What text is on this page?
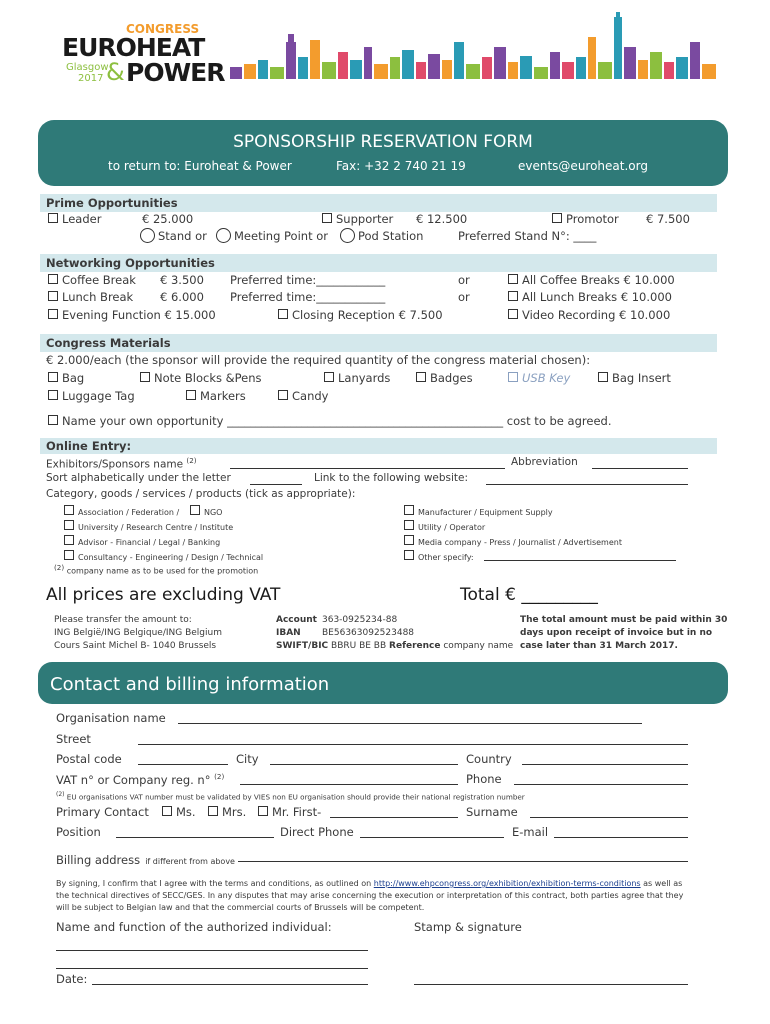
CONGRESS
EUROHEAT
Glasgow
2017 & POWER
SPONSORSHIP RESERVATION FORM
to return to: Euroheat & Power	Fax: +32 2 740 21 19	events@euroheat.org
Prime Opportunities
Leader	€ 25.000	Supporter € 12.500	Promotor € 7.500
Stand or	Meeting Point or	Pod Station	Preferred Stand N°: ____
Networking Opportunities
Coffee Break € 3.500 Preferred time:____________	or	All Coffee Breaks € 10.000
Lunch Break € 6.000 Preferred time:____________	or	All Lunch Breaks € 10.000
Evening Function € 15.000	Closing Reception € 7.500	Video Recording € 10.000
Congress Materials
€ 2.000/each (the sponsor will provide the required quantity of the congress material chosen):
Bag	Note Blocks &Pens	Lanyards	Badges	USB Key	Bag Insert
Luggage Tag	Markers	Candy
Name your own opportunity ________________________________________________ cost to be agreed.
Online Entry:
Exhibitors/Sponsors name $^{(2)}$	Abbreviation
Sort alphabetically under the letter	Link to the following website:
Category, goods / services / products (tick as appropriate):
Association / Federation /	NGO
University / Research Centre / Institute
Advisor - Financial / Legal / Banking
Consultancy - Engineering / Design / Technical
Manufacturer / Equipment Supply
Utility / Operator
Media company - Press / Journalist / Advertisement
Other specify:
$^{(2)}$ company name as to be used for the promotion
All prices are excluding VAT	Total € _________
Please transfer the amount to:
ING België/ING Belgique/ING Belgium
Cours Saint Michel B- 1040 Brussels
Account 363-0925234-88
IBAN BE56363092523488
SWIFT/BIC BBRU BE BB Reference company name
The total amount must be paid within 30
days upon receipt of invoice but in no
case later than 31 March 2017.
Contact and billing information
Organisation name
Street
Postal code	City	Country
VAT n° or Company reg. n° $^{(2)}$	Phone
$^{(2)}$ EU organisations VAT number must be validated by VIES non EU organisation should provide their national registration number
Primary Contact	Ms.	Mrs.	Mr. First-	Surname
Position	Direct Phone	E-mail
Billing address if different from above
By signing, I confirm that I agree with the terms and conditions, as outlined on http://www.ehpcongress.org/exhibition/exhibition-terms-conditions as well as
the technical directives of SECC/GES. In any disputes that may arise concerning the execution or interpretation of this contract, both parties agree that they
will be subject to Belgian law and that the commercial courts of Brussels will be competent.
Name and function of the authorized individual:	Stamp & signature
Date:
